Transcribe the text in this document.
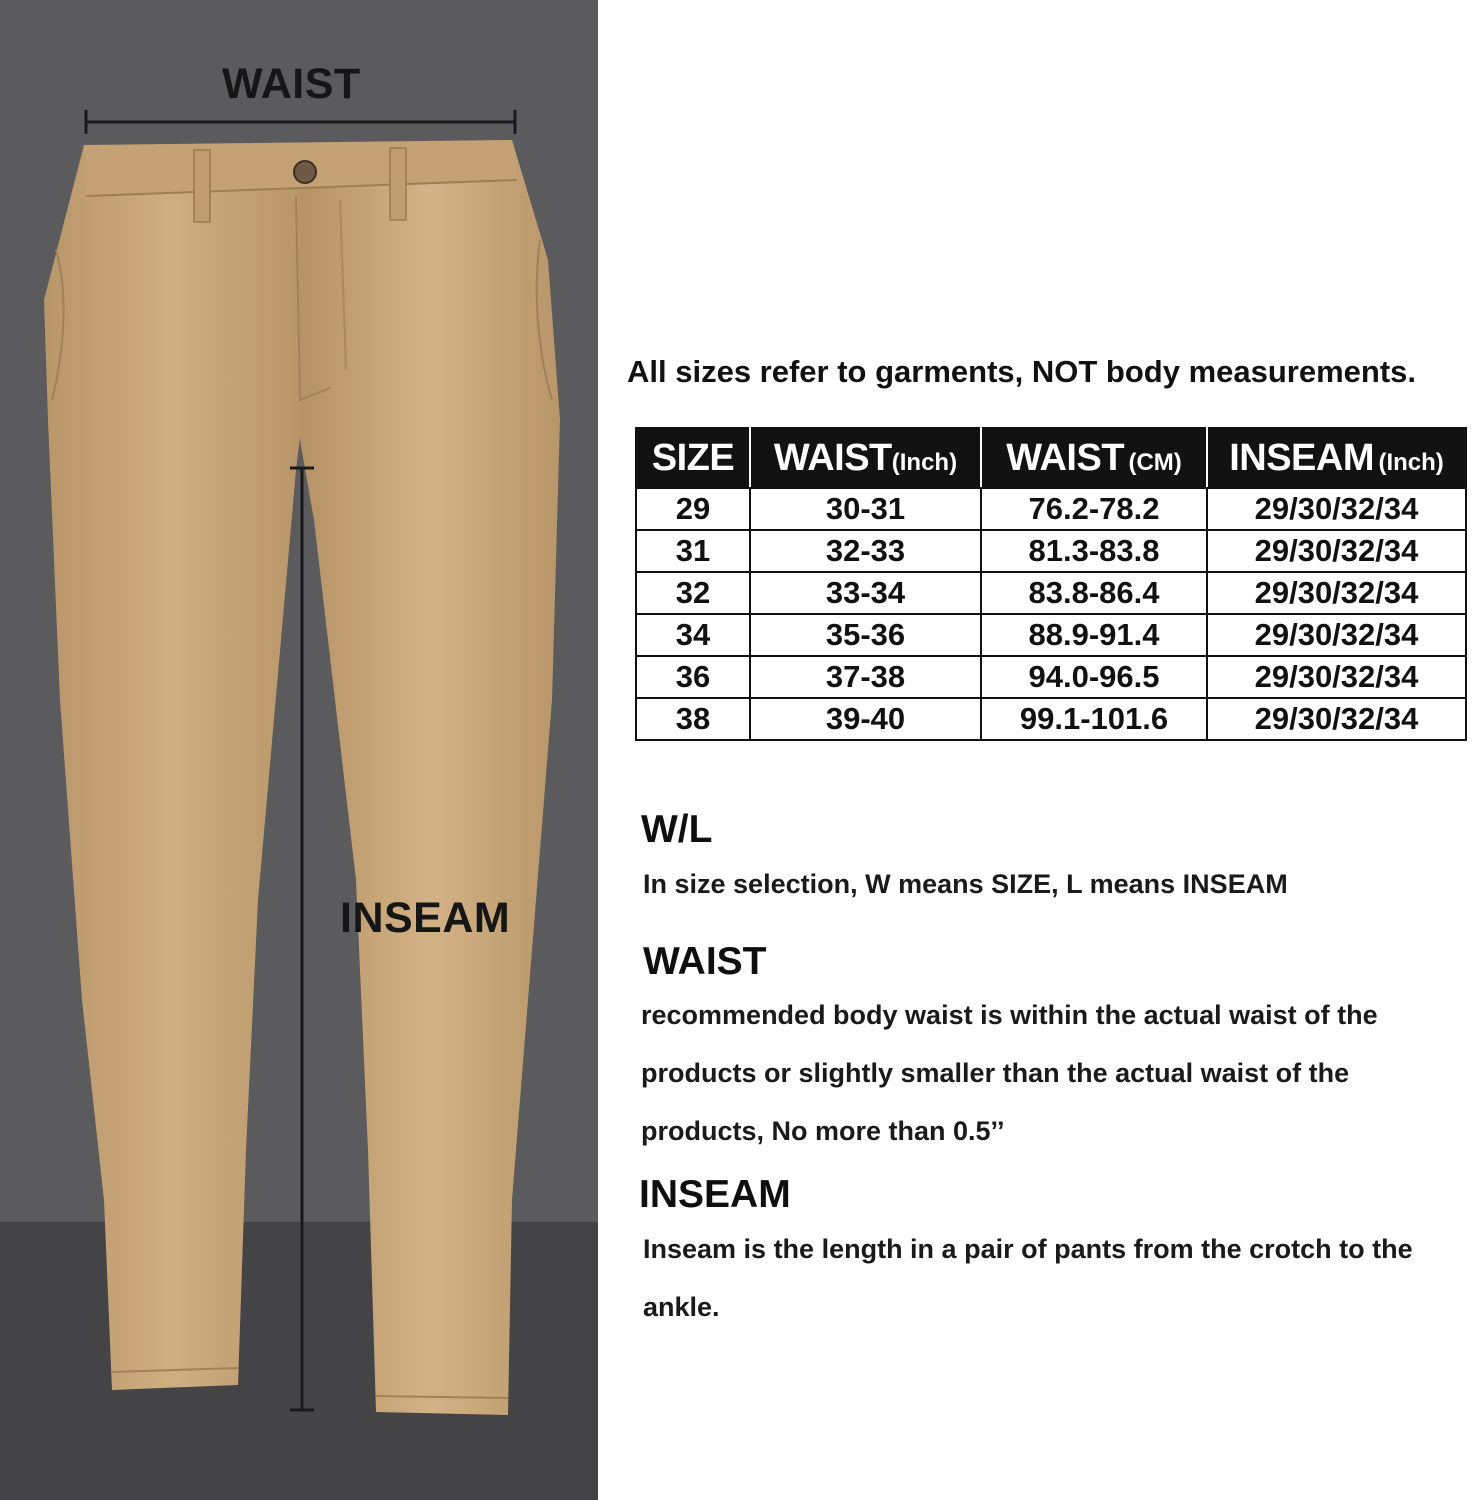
WAIST
INSEAM
All sizes refer to garments, NOT body measurements.
SIZE	WAIST(Inch)	WAIST (CM)	INSEAM (Inch)
29	30-31	76.2-78.2	29/30/32/34
31	32-33	81.3-83.8	29/30/32/34
32	33-34	83.8-86.4	29/30/32/34
34	35-36	88.9-91.4	29/30/32/34
36	37-38	94.0-96.5	29/30/32/34
38	39-40	99.1-101.6	29/30/32/34
W/L
In size selection, W means SIZE, L means INSEAM
WAIST
recommended body waist is within the actual waist of the
products or slightly smaller than the actual waist of the
products, No more than 0.5’’
INSEAM
Inseam is the length in a pair of pants from the crotch to the
ankle.
